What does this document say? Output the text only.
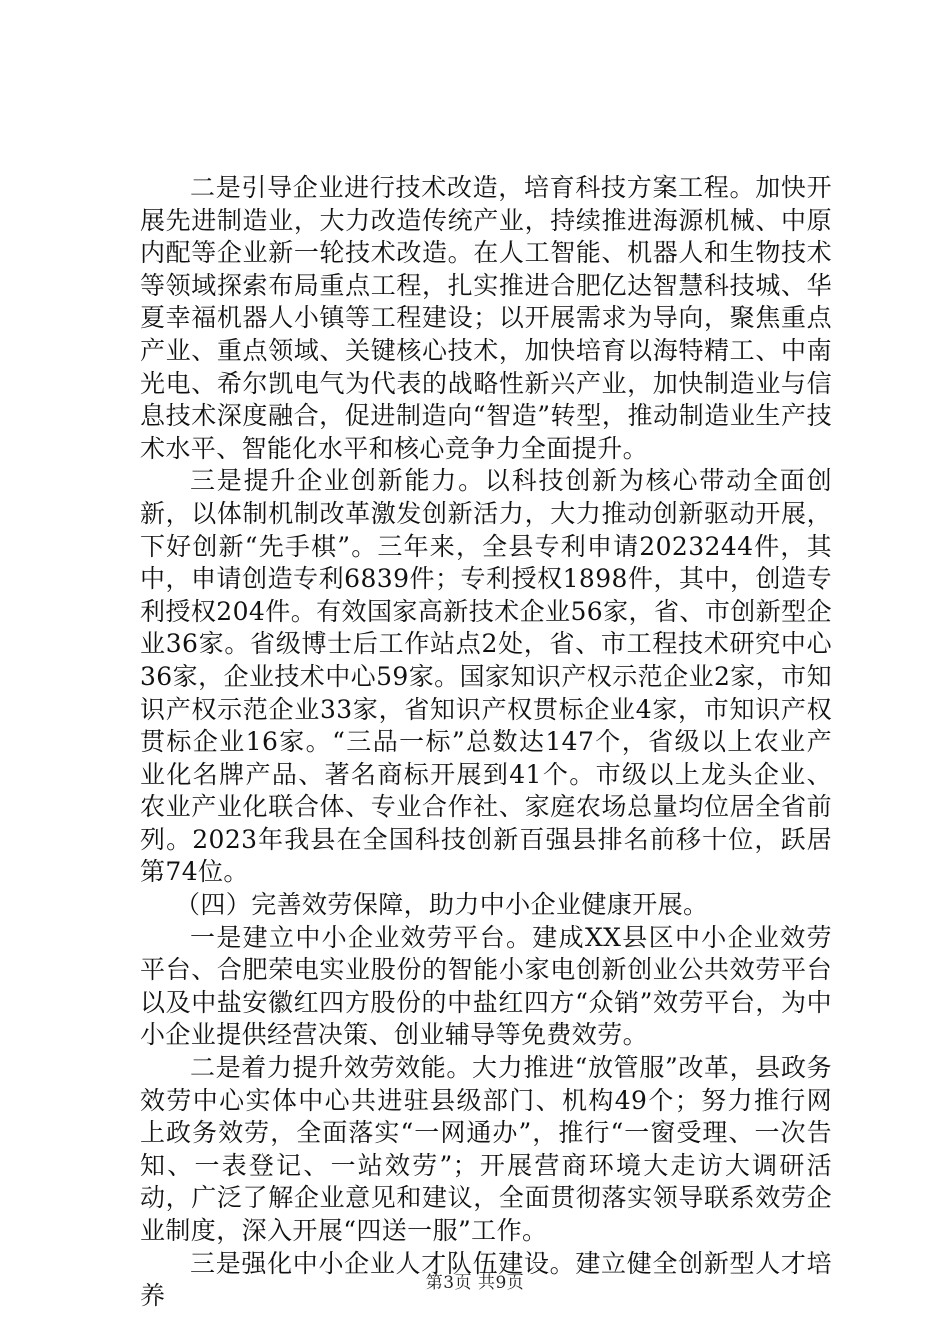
二是引导企业进行技术改造，培育科技方案工程。加快开展先进制造业，大力改造传统产业，持续推进海源机械、中原内配等企业新一轮技术改造。在人工智能、机器人和生物技术等领域探索布局重点工程，扎实推进合肥亿达智慧科技城、华夏幸福机器人小镇等工程建设；以开展需求为导向，聚焦重点产业、重点领域、关键核心技术，加快培育以海特精工、中南光电、希尔凯电气为代表的战略性新兴产业，加快制造业与信息技术深度融合，促进制造向“智造”转型，推动制造业生产技术水平、智能化水平和核心竞争力全面提升。

三是提升企业创新能力。以科技创新为核心带动全面创新，以体制机制改革激发创新活力，大力推动创新驱动开展，下好创新“先手棋”。三年来，全县专利申请2023244件，其中，申请创造专利6839件；专利授权1898件，其中，创造专利授权204件。有效国家高新技术企业56家，省、市创新型企业36家。省级博士后工作站点2处，省、市工程技术研究中心36家，企业技术中心59家。国家知识产权示范企业2家，市知识产权示范企业33家，省知识产权贯标企业4家，市知识产权贯标企业16家。“三品一标”总数达147个，省级以上农业产业化名牌产品、著名商标开展到41个。市级以上龙头企业、农业产业化联合体、专业合作社、家庭农场总量均位居全省前列。2023年我县在全国科技创新百强县排名前移十位，跃居第74位。

（四）完善效劳保障，助力中小企业健康开展。

一是建立中小企业效劳平台。建成XX县区中小企业效劳平台、合肥荣电实业股份的智能小家电创新创业公共效劳平台以及中盐安徽红四方股份的中盐红四方“众销”效劳平台，为中小企业提供经营决策、创业辅导等免费效劳。

二是着力提升效劳效能。大力推进“放管服”改革，县政务效劳中心实体中心共进驻县级部门、机构49个；努力推行网上政务效劳，全面落实“一网通办”，推行“一窗受理、一次告知、一表登记、一站效劳”；开展营商环境大走访大调研活动，广泛了解企业意见和建议，全面贯彻落实领导联系效劳企业制度，深入开展“四送一服”工作。

三是强化中小企业人才队伍建设。建立健全创新型人才培养	第3页 共9页
